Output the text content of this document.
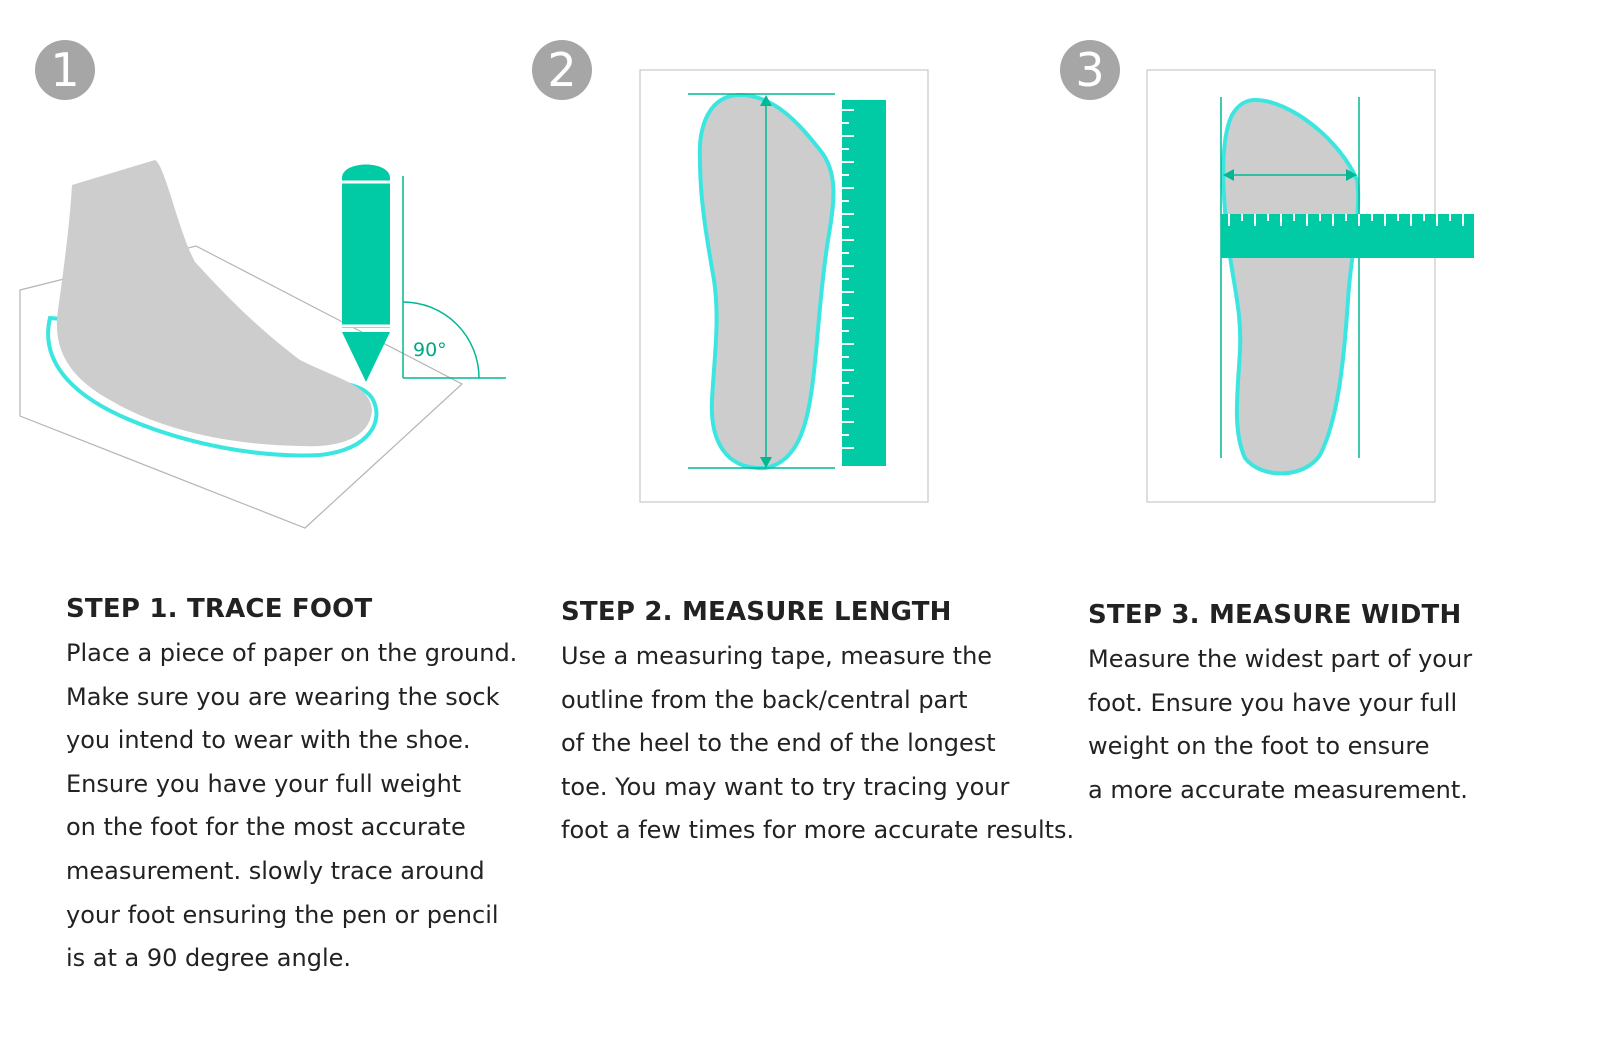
1	2	3
90°
STEP 1. TRACE FOOT

Place a piece of paper on the ground.
Make sure you are wearing the sock
you intend to wear with the shoe.
Ensure you have your full weight
on the foot for the most accurate
measurement. slowly trace around
your foot ensuring the pen or pencil
is at a 90 degree angle.

STEP 2. MEASURE LENGTH

Use a measuring tape, measure the
outline from the back/central part
of the heel to the end of the longest
toe. You may want to try tracing your
foot a few times for more accurate results.

STEP 3. MEASURE WIDTH

Measure the widest part of your
foot. Ensure you have your full
weight on the foot to ensure
a more accurate measurement.
